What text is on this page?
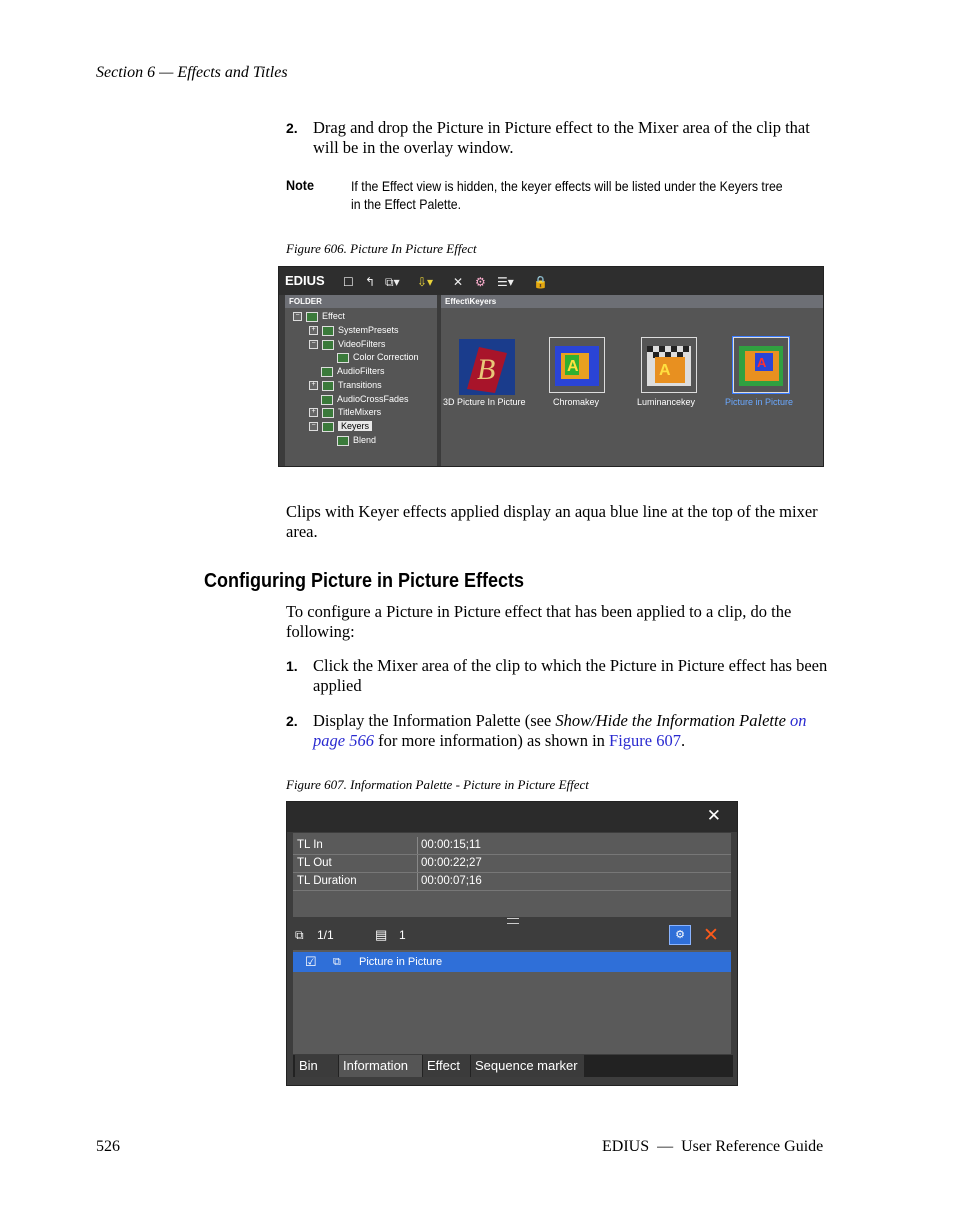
Section 6 — Effects and Titles
2. Drag and drop the Picture in Picture effect to the Mixer area of the clip that will be in the overlay window.
Note	If the Effect view is hidden, the keyer effects will be listed under the Keyers tree in the Effect Palette.
Figure 606. Picture In Picture Effect
EDIUS ☐ ↰ ⧉▾ ⇩▾ ✕ ⚙ ☰▾ 🔒
FOLDER
− Effect
+ SystemPresets
− VideoFilters
Color Correction
AudioFilters
+ Transitions
AudioCrossFades
+ TitleMixers
−	Keyers
Blend
Effect\Keyers
B
3D Picture In Picture
A
Chromakey
A
Luminancekey
A
Picture in Picture
Clips with Keyer effects applied display an aqua blue line at the top of the mixer area.
Configuring Picture in Picture Effects
To configure a Picture in Picture effect that has been applied to a clip, do the following:
1. Click the Mixer area of the clip to which the Picture in Picture effect has been applied
2. Display the Information Palette (see Show/Hide the Information Palette on page 566 for more information) as shown in Figure 607.
Figure 607. Information Palette - Picture in Picture Effect
✕
TL In	00:00:15;11
TL Out	00:00:22;27
TL Duration	00:00:07;16
⧉ 1/1	▤ 1	⚙ ✕
☑ ⧉ Picture in Picture
Bin	Information	Effect	Sequence marker
526	EDIUS  —  User Reference Guide
